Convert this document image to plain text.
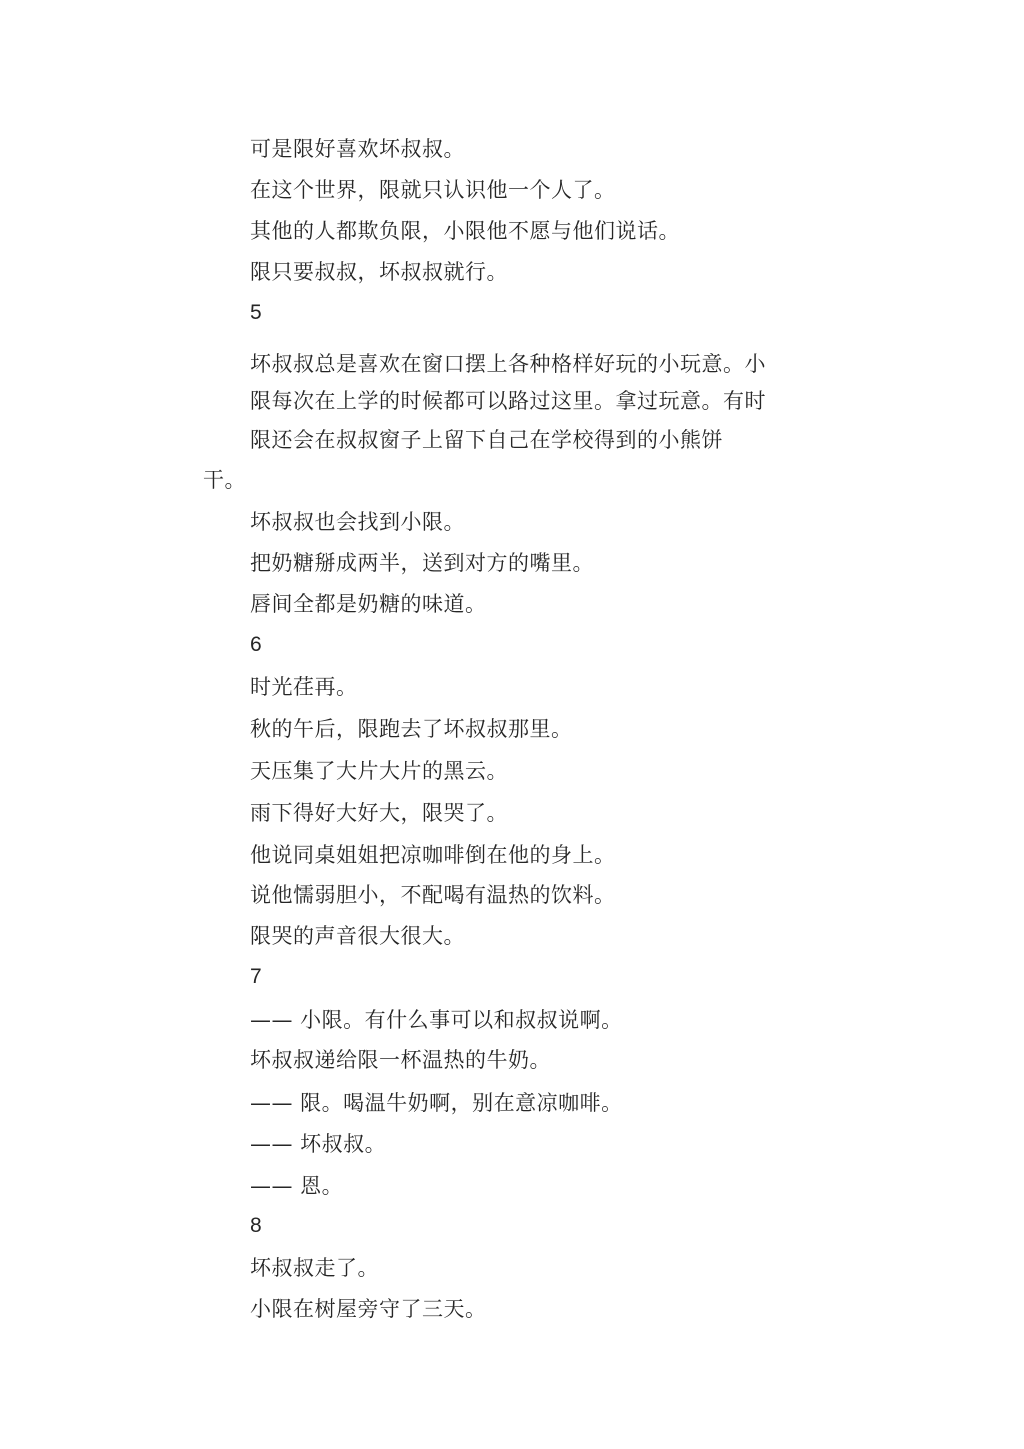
可是限好喜欢坏叔叔。
在这个世界，限就只认识他一个人了。
其他的人都欺负限，小限他不愿与他们说话。
限只要叔叔，坏叔叔就行。
5
坏叔叔总是喜欢在窗口摆上各种格样好玩的小玩意。小
限每次在上学的时候都可以路过这里。拿过玩意。有时
限还会在叔叔窗子上留下自己在学校得到的小熊饼
干。
坏叔叔也会找到小限。
把奶糖掰成两半，送到对方的嘴里。
唇间全都是奶糖的味道。
6
时光荏再。
秋的午后，限跑去了坏叔叔那里。
天压集了大片大片的黑云。
雨下得好大好大，限哭了。
他说同桌姐姐把凉咖啡倒在他的身上。
说他懦弱胆小，不配喝有温热的饮料。
限哭的声音很大很大。
7
—— 小限。有什么事可以和叔叔说啊。
坏叔叔递给限一杯温热的牛奶。
—— 限。喝温牛奶啊，别在意凉咖啡。
—— 坏叔叔。
—— 恩。
8
坏叔叔走了。
小限在树屋旁守了三天。
